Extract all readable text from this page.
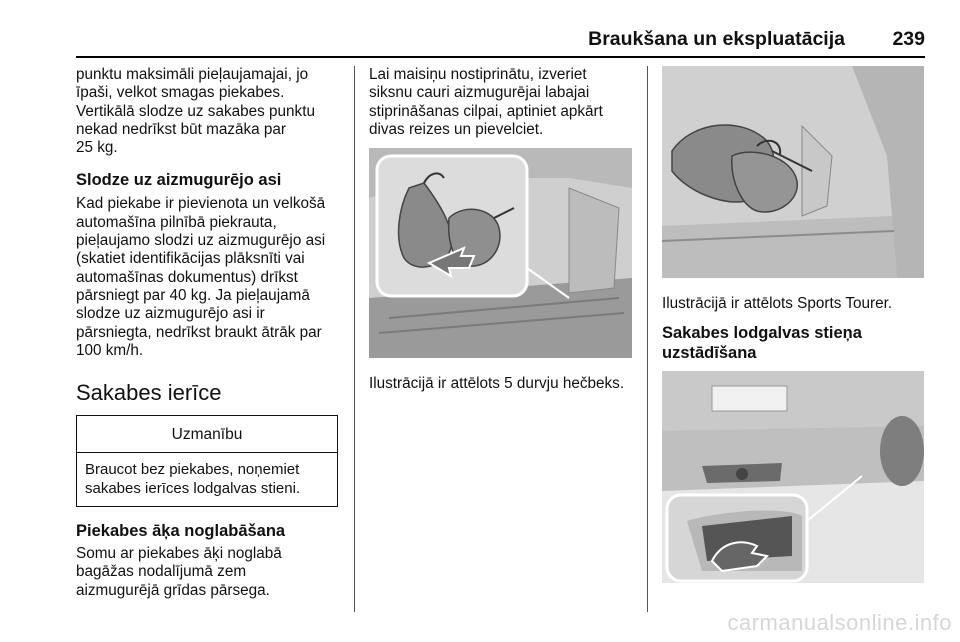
Braukšana un ekspluatācija 239

punktu maksimāli pieļaujamajai, jo

īpaši, velkot smagas piekabes.

Vertikālā slodze uz sakabes punktu

nekad nedrīkst būt mazāka par

25 kg.

Slodze uz aizmugurējo asi

Kad piekabe ir pievienota un velkošā

automašīna pilnībā piekrauta,

pieļaujamo slodzi uz aizmugurējo asi

(skatiet identifikācijas plāksnīti vai

automašīnas dokumentus) drīkst

pārsniegt par 40 kg. Ja pieļaujamā

slodze uz aizmugurējo asi ir

pārsniegta, nedrīkst braukt ātrāk par

100 km/h.

Sakabes ierīce
Uzmanību

Braucot bez piekabes, noņemiet

sakabes ierīces lodgalvas stieni.

Piekabes āķa noglabāšana

Somu ar piekabes āķi noglabā

bagāžas nodalījumā zem

aizmugurējā grīdas pārsega.

Lai maisiņu nostiprinātu, izveriet

siksnu cauri aizmugurējai labajai

stiprināšanas cilpai, aptiniet apkārt

divas reizes un pievelciet.

Ilustrācijā ir attēlots 5 durvju hečbeks.
Ilustrācijā ir attēlots Sports Tourer.
Sakabes lodgalvas stieņa
uzstādīšana
carmanualsonline.info
